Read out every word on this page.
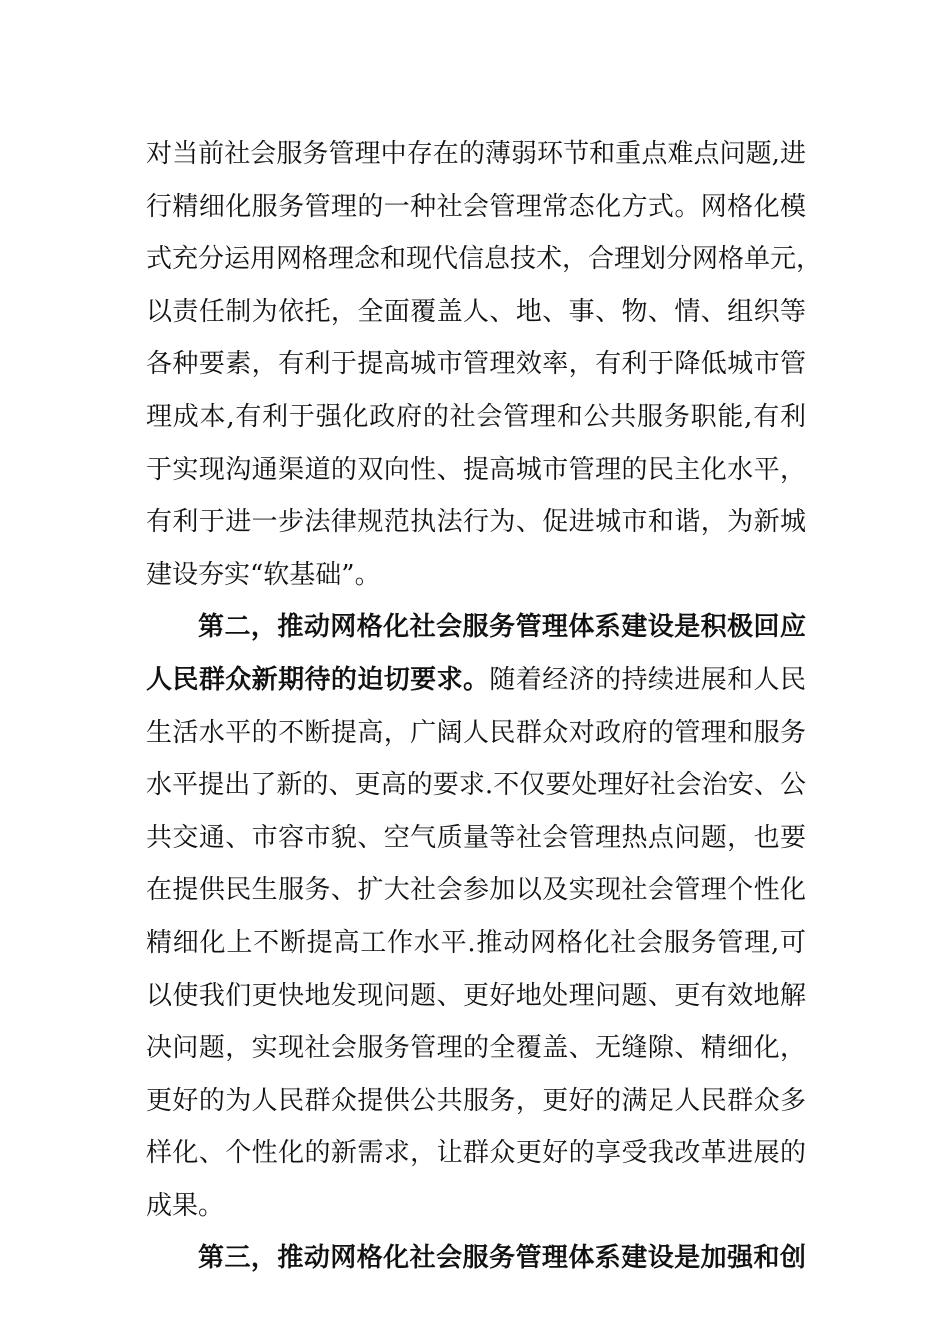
对当前社会服务管理中存在的薄弱环节和重点难点问题,进
行精细化服务管理的一种社会管理常态化方式。网格化模
式充分运用网格理念和现代信息技术，合理划分网格单元，
以责任制为依托，全面覆盖人、地、事、物、情、组织等
各种要素，有利于提高城市管理效率，有利于降低城市管
理成本,有利于强化政府的社会管理和公共服务职能,有利
于实现沟通渠道的双向性、提高城市管理的民主化水平，
有利于进一步法律规范执法行为、促进城市和谐，为新城
建设夯实“软基础”。
第二，推动网格化社会服务管理体系建设是积极回应
人民群众新期待的迫切要求。随着经济的持续进展和人民
生活水平的不断提高，广阔人民群众对政府的管理和服务
水平提出了新的、更高的要求.不仅要处理好社会治安、公
共交通、市容市貌、空气质量等社会管理热点问题，也要
在提供民生服务、扩大社会参加以及实现社会管理个性化
精细化上不断提高工作水平.推动网格化社会服务管理,可
以使我们更快地发现问题、更好地处理问题、更有效地解
决问题，实现社会服务管理的全覆盖、无缝隙、精细化，
更好的为人民群众提供公共服务，更好的满足人民群众多
样化、个性化的新需求，让群众更好的享受我改革进展的
成果。
第三，推动网格化社会服务管理体系建设是加强和创
